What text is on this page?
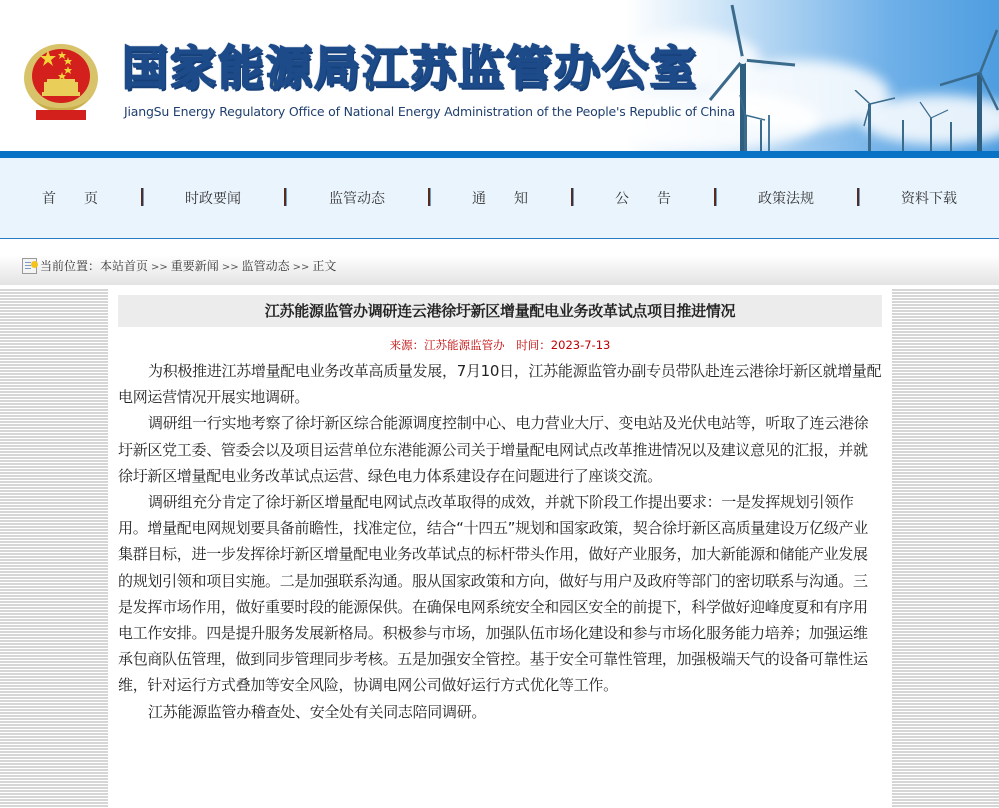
国家能源局江苏监管办公室
JiangSu Energy Regulatory Office of National Energy Administration of the People's Republic of China
首　　页	时政要闻	监管动态	通　　知	公　　告	政策法规	资料下载
当前位置：本站首页 >> 重要新闻 >> 监管动态 >> 正文
江苏能源监管办调研连云港徐圩新区增量配电业务改革试点项目推进情况
来源：江苏能源监管办 时间：2023-7-13

为积极推进江苏增量配电业务改革高质量发展，7月10日，江苏能源监管办副专员带队赴连云港徐圩新区就增量配电网运营情况开展实地调研。

调研组一行实地考察了徐圩新区综合能源调度控制中心、电力营业大厅、变电站及光伏电站等，听取了连云港徐圩新区党工委、管委会以及项目运营单位东港能源公司关于增量配电网试点改革推进情况以及建议意见的汇报，并就徐圩新区增量配电业务改革试点运营、绿色电力体系建设存在问题进行了座谈交流。

调研组充分肯定了徐圩新区增量配电网试点改革取得的成效，并就下阶段工作提出要求：一是发挥规划引领作用。增量配电网规划要具备前瞻性，找准定位，结合“十四五”规划和国家政策，契合徐圩新区高质量建设万亿级产业集群目标，进一步发挥徐圩新区增量配电业务改革试点的标杆带头作用，做好产业服务，加大新能源和储能产业发展的规划引领和项目实施。二是加强联系沟通。服从国家政策和方向，做好与用户及政府等部门的密切联系与沟通。三是发挥市场作用，做好重要时段的能源保供。在确保电网系统安全和园区安全的前提下，科学做好迎峰度夏和有序用电工作安排。四是提升服务发展新格局。积极参与市场，加强队伍市场化建设和参与市场化服务能力培养；加强运维承包商队伍管理，做到同步管理同步考核。五是加强安全管控。基于安全可靠性管理，加强极端天气的设备可靠性运维，针对运行方式叠加等安全风险，协调电网公司做好运行方式优化等工作。

江苏能源监管办稽查处、安全处有关同志陪同调研。
